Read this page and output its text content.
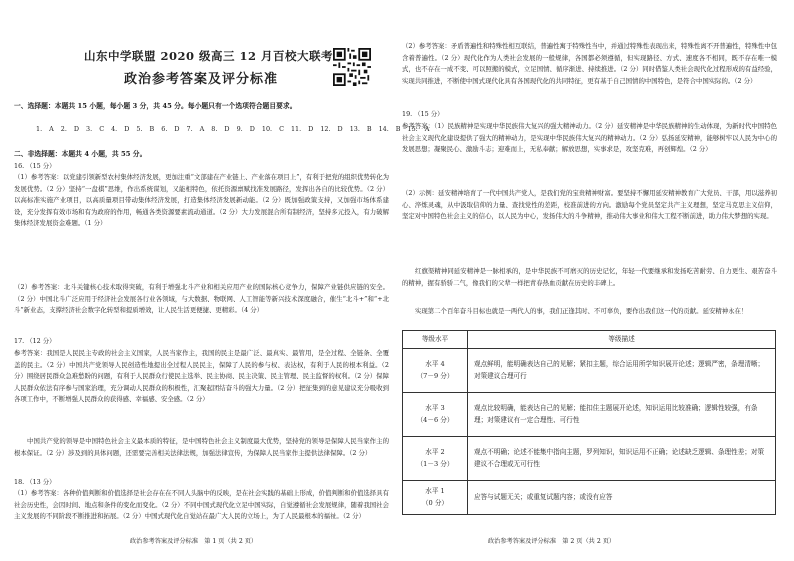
山东中学联盟 2020 级高三 12 月百校大联考
政治参考答案及评分标准

一、选择题：本题共 15 小题，每小题 3 分，共 45 分。每小题只有一个选项符合题目要求。

1. A 2. D 3. C 4. D 5. B 6. D 7. A 8. D 9. D 10. C 11. D 12. D 13. B 14. B 15. A

二、非选择题：本题共 4 小题，共 55 分。

16. （15 分）

（1）参考答案：以党建引领新型农村集体经济发展，更加注重“文部建在产业链上、产业落在项目上”，有利于把党的组织优势转化为发展优势。（2 分）坚持“一盘棋”思维，作出系统谋划，又能相特色，依托资源禀赋找准发展路径，发挥出各自的比较优势。（2 分）以高标准实施产业项目，以高质量项目带动集体经济发展，打造集体经济发展新动能。（2 分）既加强政策支持，又加强市场体系建设，充分发挥有效市场和有为政府的作用，畅通各类资源要素流动通道。（2 分）大力发展混合所有制经济，坚持多元投入，有力破解集体经济发展资金难题。（1 分）

（2）参考答案：北斗关键核心技术取得突破，有利于增强北斗产业和相关应用产业的国际核心竞争力，保障产业链供应链的安全。（2 分）中国北斗广泛应用于经济社会发展各行业各领域，与大数据、物联网、人工智能等新兴技术深度融合，催生“北斗+”和“+北斗”新业态，支撑经济社会数字化转型和提质增效，让人民生活更便捷、更精彩。（4 分）

17. （12 分）

参考答案：我国是人民民主专政的社会主义国家，人民当家作主，我国的民主是最广泛、最真实、最管用，是全过程、全链条、全覆盖的民主。（2 分）中国共产党领导人民创造性地提出全过程人民民主，保障了人民的参与权、表达权，有利于人民的根本利益。（2 分）围绕居民群众急难愁盼的问题，有利于人民群众行使民主选举、民主协商、民主决策、民主管理、民主监督的权利。（2 分）保障人民群众依法有序参与国家治理，充分调动人民群众的积极性，汇聚起团结奋斗的强大力量。（2 分）把征集到的意见建议充分吸收到各项工作中，不断增强人民群众的获得感、幸福感、安全感。（2 分）

中国共产党的领导是中国特色社会主义最本质的特征，是中国特色社会主义制度最大优势，坚持党的领导是保障人民当家作主的根本保证。（2 分）涉及到的具体问题，还需要完善相关法律法规，加强法律宣传，为保障人民当家作主提供法律保障。（2 分）

18. （13 分）

（1）参考答案：各种价值判断和价值选择是社会存在在不同人头脑中的反映，是在社会实践的基础上形成，价值判断和价值选择具有社会历史性，会因时间、地点和条件的变化而变化。（2 分）不同中国式现代化立足中国实际，自觉遵循社会发展规律，随着我国社会主义发展的不同阶段不断推进和拓展。（2 分）中国式现代化自觉站在最广大人民的立场上，为了人民最根本的福祉。（2 分）

政治参考答案及评分标准　第 1 页（共 2 页）

（2）参考答案：矛盾普遍性和特殊性相互联结，普遍性寓于特殊性当中，并通过特殊性表现出来，特殊性离不开普遍性，特殊性中包含着普遍性。（2 分）现代化作为人类社会发展的一般规律，各国都必须遵循，但实现路径、方式、速度各不相同，既不存在唯一模式，也不存在一成不变、可以照搬的模式，立足国情、循序渐进、持续推进。（2 分）同时借鉴人类社会现代化过程形成的有益经验，实现共同推进，不断使中国式现代化具有各国现代化的共同特征，更有基于自己国情的中国特色，是符合中国实际的。（2 分）

19. （15 分）

参考答案：（1）民族精神是实现中华民族伟大复兴的强大精神动力。（2 分）延安精神是中华民族精神的生动体现，为新时代中国特色社会主义现代化建设提供了强大的精神动力，是实现中华民族伟大复兴的精神动力。（2 分）弘扬延安精神，能够树牢以人民为中心的发展思想；凝聚民心、激励斗志；迎难而上，无私奉献；解放思想，实事求是，攻坚克难，再创辉煌。（2 分）

（2）示例：延安精神培育了一代中国共产党人，是我们党的宝贵精神财富。要坚持不懈用延安精神教育广大党员、干部，用以滋养初心、淬炼灵魂，从中汲取信仰的力量、查找党性的差距，校准前进的方向。激励每个党员坚定共产主义理想，坚定马克思主义信仰，坚定对中国特色社会主义的信心，以人民为中心，发扬伟大的斗争精神，推动伟大事业和伟大工程不断前进，助力伟大梦想的实现。

红旗渠精神同延安精神是一脉相承的，是中华民族不可磨灭的历史记忆，年轻一代要继承和发扬吃苦耐劳、自力更生、艰苦奋斗的精神，握有骄骄二气，像我们的父辈一样把青春热血贡献在历史的丰碑上。

实现第二个百年奋斗目标也就是一两代人的事，我们正逢其时、不可辜负，要作出我们这一代的贡献。延安精神永在！

等级水平	等级描述
水平 4
（7－9 分）	观点鲜明，能明确表达自己的见解；紧扣主题，综合运用所学知识展开论述；逻辑严密，条理清晰；对策建议合理可行
水平 3
（4－6 分）	观点比较明确，能表达自己的见解；能扣住主题展开论述，知识运用比较准确；逻辑性较强，有条理；对策建议有一定合理性、可行性
水平 2
（1－3 分）	观点不明确；论述不能集中指向主题，罗列知识，知识运用不正确；论述缺乏逻辑、条理性差；对策建议不合理或无可行性
水平 1
（0 分）	应答与试题无关；或重复试题内容；或没有应答
政治参考答案及评分标准　第 2 页（共 2 页）
